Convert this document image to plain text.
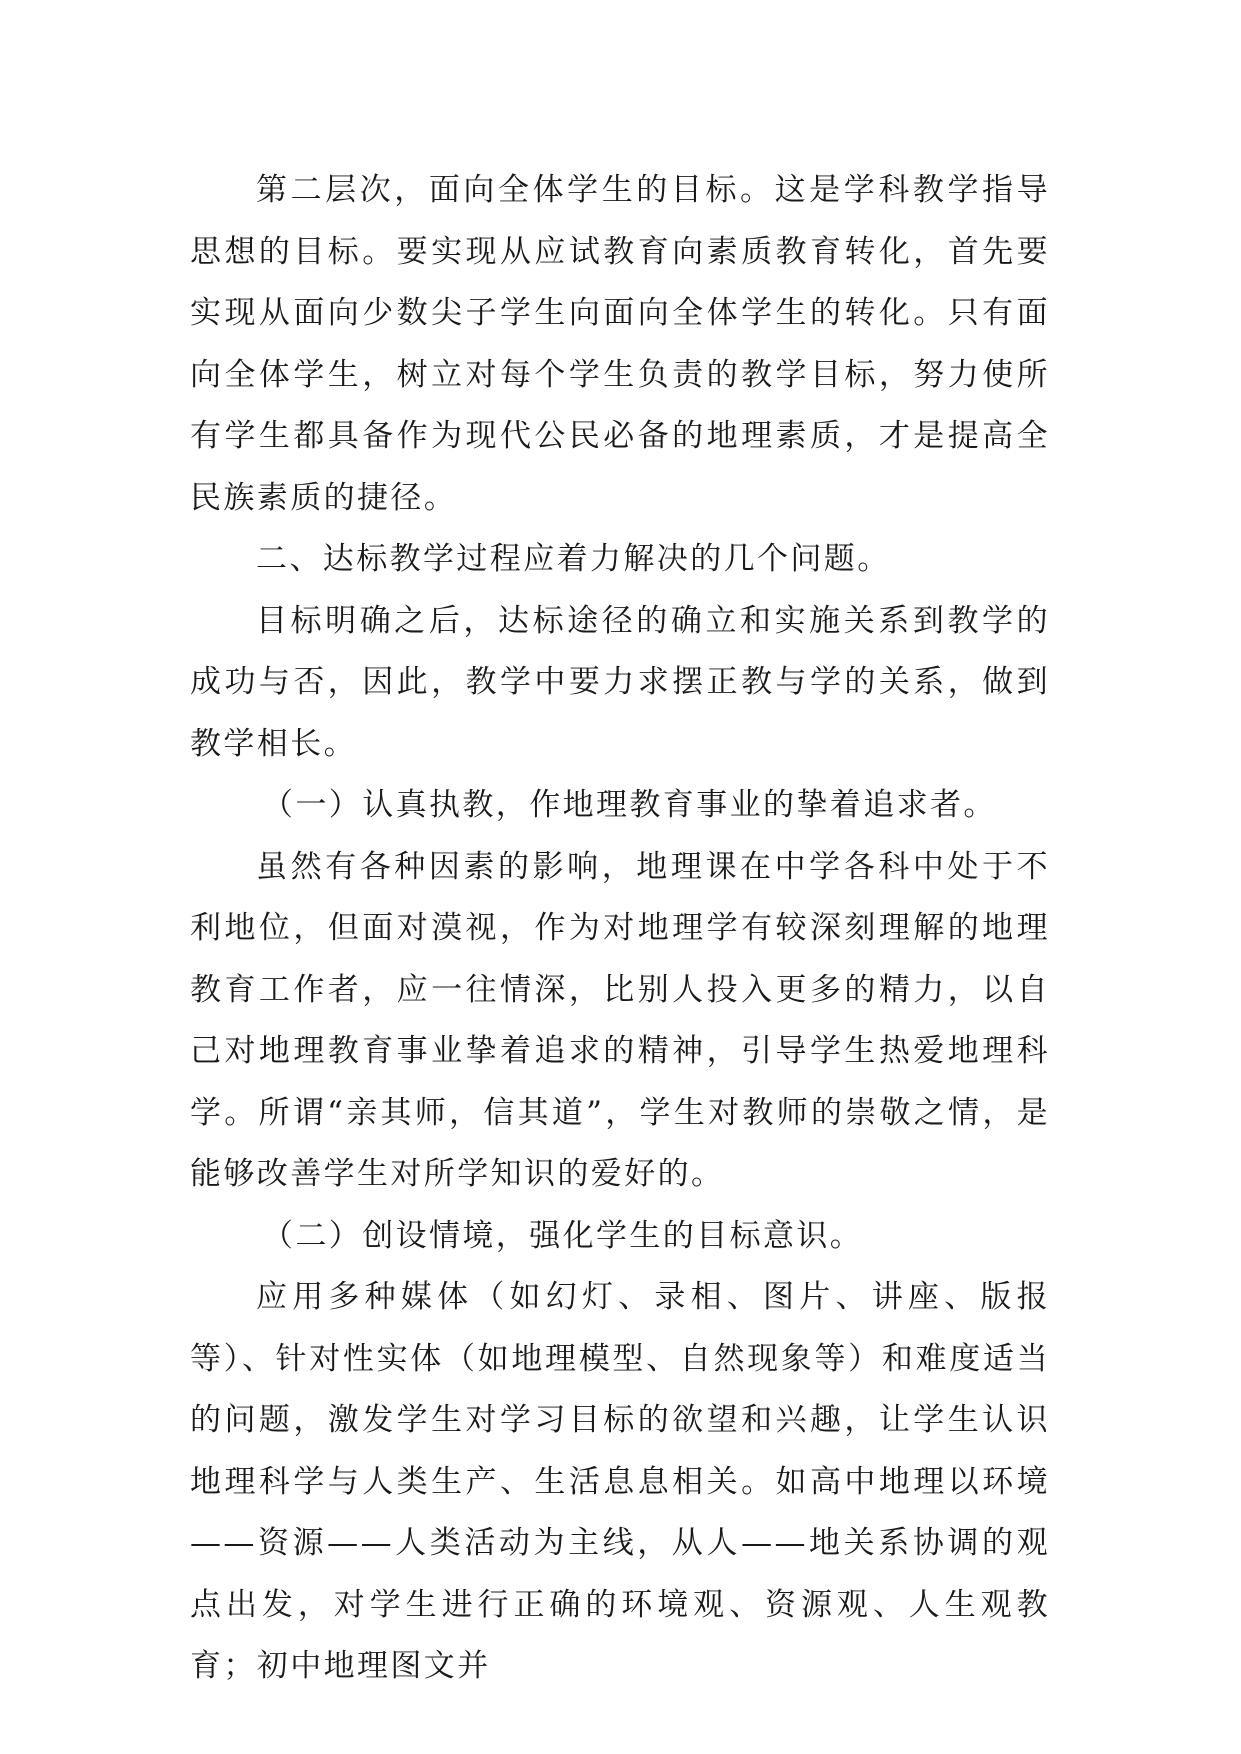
第二层次，面向全体学生的目标。这是学科教学指导思想的目标。要实现从应试教育向素质教育转化，首先要实现从面向少数尖子学生向面向全体学生的转化。只有面向全体学生，树立对每个学生负责的教学目标，努力使所有学生都具备作为现代公民必备的地理素质，才是提高全民族素质的捷径。

二、达标教学过程应着力解决的几个问题。

目标明确之后，达标途径的确立和实施关系到教学的成功与否，因此，教学中要力求摆正教与学的关系，做到教学相长。

（一）认真执教，作地理教育事业的挚着追求者。

虽然有各种因素的影响，地理课在中学各科中处于不利地位，但面对漠视，作为对地理学有较深刻理解的地理教育工作者，应一往情深，比别人投入更多的精力，以自己对地理教育事业挚着追求的精神，引导学生热爱地理科学。所谓“亲其师，信其道”，学生对教师的崇敬之情，是能够改善学生对所学知识的爱好的。

（二）创设情境，强化学生的目标意识。

应用多种媒体（如幻灯、录相、图片、讲座、版报等）、针对性实体（如地理模型、自然现象等）和难度适当的问题，激发学生对学习目标的欲望和兴趣，让学生认识地理科学与人类生产、生活息息相关。如高中地理以环境——资源——人类活动为主线，从人——地关系协调的观点出发，对学生进行正确的环境观、资源观、人生观教育；初中地理图文并
